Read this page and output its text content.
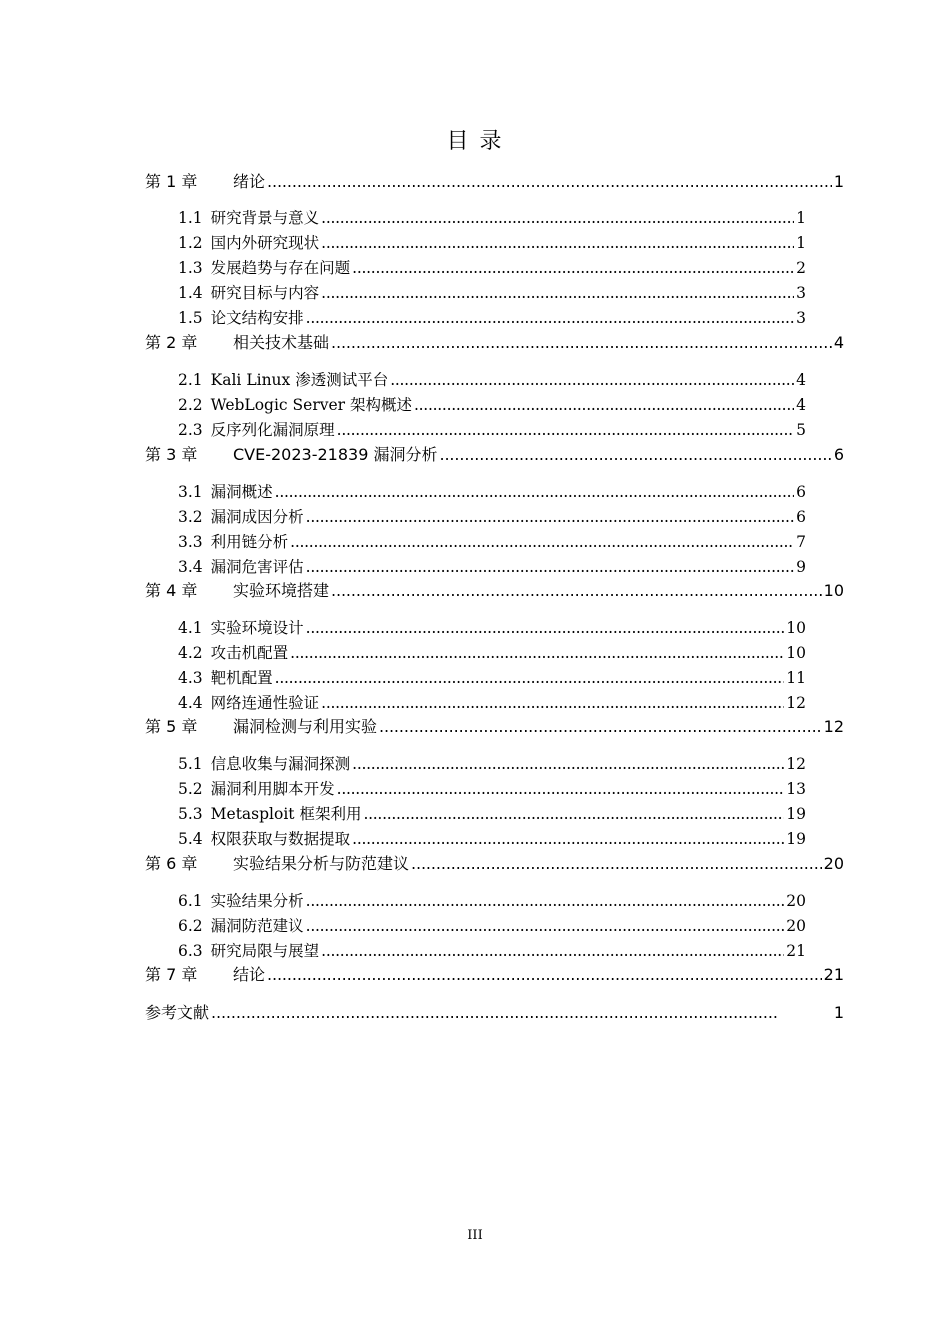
目 录
第 1 章	绪论 . . .	1
1.1 研究背景与意义 . . .	1
1.2 国内外研究现状 . . .	1
1.3 发展趋势与存在问题 . . .	2
1.4 研究目标与内容 . . .	3
1.5 论文结构安排 . . .	3
第 2 章	相关技术基础 . . .	4
2.1 Kali Linux 渗透测试平台 . . .	4
2.2 WebLogic Server 架构概述 . . .	4
2.3 反序列化漏洞原理 . . .	5
第 3 章	CVE-2023-21839 漏洞分析 . . .	6
3.1 漏洞概述 . . .	6
3.2 漏洞成因分析 . . .	6
3.3 利用链分析 . . .	7
3.4 漏洞危害评估 . . .	9
第 4 章	实验环境搭建 . . .	10
4.1 实验环境设计 . . .	10
4.2 攻击机配置 . . .	10
4.3 靶机配置 . . .	11
4.4 网络连通性验证 . . .	12
第 5 章	漏洞检测与利用实验 . . .	12
5.1 信息收集与漏洞探测 . . .	12
5.2 漏洞利用脚本开发 . . .	13
5.3 Metasploit 框架利用 . . .	19
5.4 权限获取与数据提取 . . .	19
第 6 章	实验结果分析与防范建议 . . .	20
6.1 实验结果分析 . . .	20
6.2 漏洞防范建议 . . .	20
6.3 研究局限与展望 . . .	21
第 7 章	结论 . . .	21
参考文献 . . .	1
III
